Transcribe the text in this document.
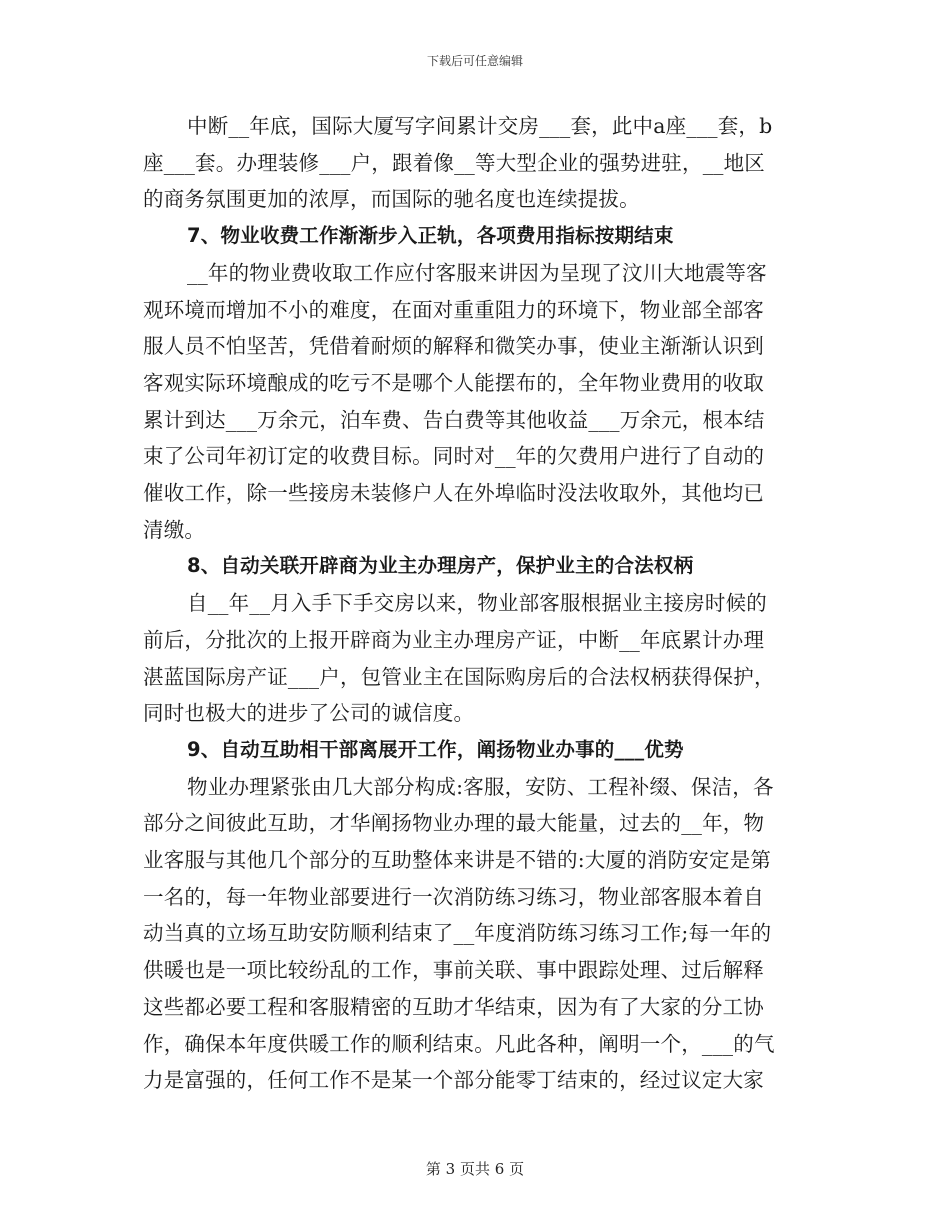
下载后可任意编辑
中断__年底，国际大厦写字间累计交房___套，此中a座___套，b
座___套。办理装修___户，跟着像__等大型企业的强势进驻，__地区
的商务氛围更加的浓厚，而国际的驰名度也连续提拔。
7、物业收费工作渐渐步入正轨，各项费用指标按期结束
__年的物业费收取工作应付客服来讲因为呈现了汶川大地震等客
观环境而增加不小的难度，在面对重重阻力的环境下，物业部全部客
服人员不怕坚苦，凭借着耐烦的解释和微笑办事，使业主渐渐认识到
客观实际环境酿成的吃亏不是哪个人能摆布的，全年物业费用的收取
累计到达___万余元，泊车费、告白费等其他收益___万余元，根本结
束了公司年初订定的收费目标。同时对__年的欠费用户进行了自动的
催收工作，除一些接房未装修户人在外埠临时没法收取外，其他均已
清缴。
8、自动关联开辟商为业主办理房产，保护业主的合法权柄
自__年__月入手下手交房以来，物业部客服根据业主接房时候的
前后，分批次的上报开辟商为业主办理房产证，中断__年底累计办理
湛蓝国际房产证___户，包管业主在国际购房后的合法权柄获得保护，
同时也极大的进步了公司的诚信度。
9、自动互助相干部离展开工作，阐扬物业办事的___优势
物业办理紧张由几大部分构成:客服，安防、工程补缀、保洁，各
部分之间彼此互助，才华阐扬物业办理的最大能量，过去的__年，物
业客服与其他几个部分的互助整体来讲是不错的:大厦的消防安定是第
一名的，每一年物业部要进行一次消防练习练习，物业部客服本着自
动当真的立场互助安防顺利结束了__年度消防练习练习工作;每一年的
供暖也是一项比较纷乱的工作，事前关联、事中跟踪处理、过后解释
这些都必要工程和客服精密的互助才华结束，因为有了大家的分工协
作，确保本年度供暖工作的顺利结束。凡此各种，阐明一个，___的气
力是富强的，任何工作不是某一个部分能零丁结束的，经过议定大家
第 3 页共 6 页
